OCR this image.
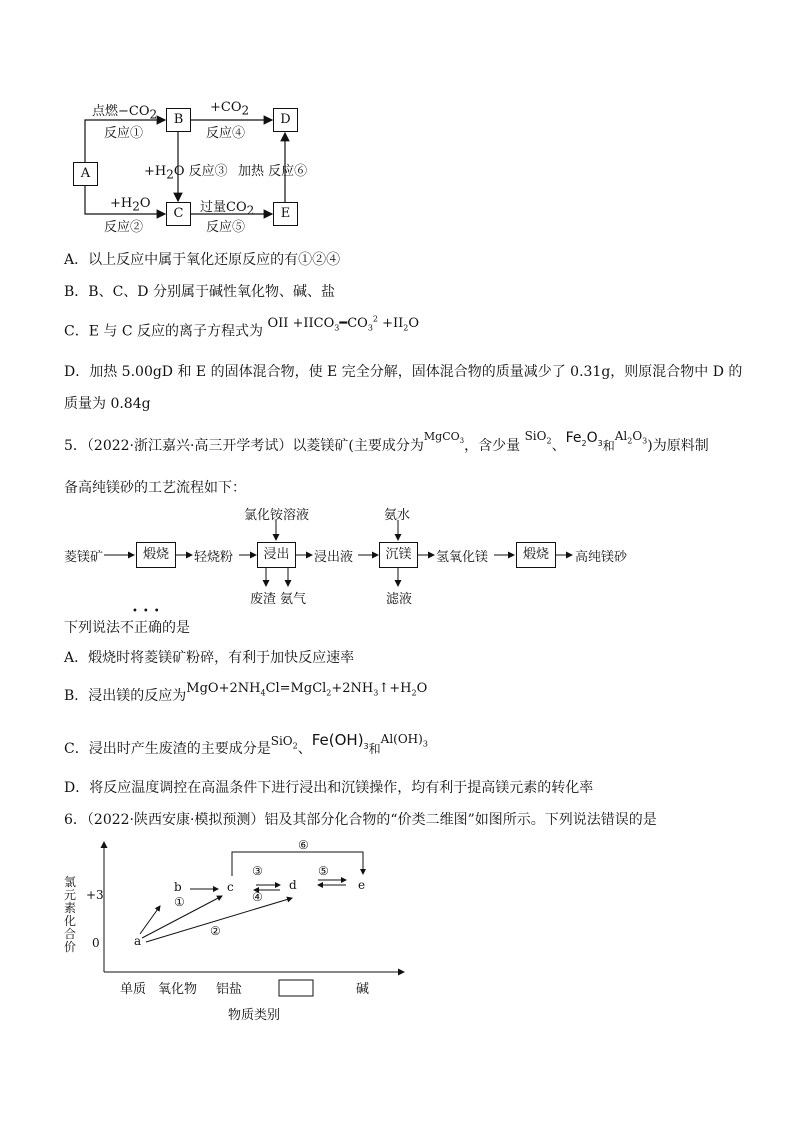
A
B	D
C	E
点燃$-CO_2$
反应①
$+CO_2$
反应④
$+H_2O$ 反应③ 加热 反应⑥
$+H_2O$
反应②
过量$CO_2$
反应⑤
A．以上反应中属于氧化还原反应的有①②④
B．B、C、D 分别属于碱性氧化物、碱、盐
C．E 与 C 反应的离子方程式为 OII $+IICO_3━CO_3^2 +II_2O$
D．加热 5.00gD 和 E 的固体混合物，使 E 完全分解，固体混合物的质量减少了 0.31g，则原混合物中 D 的
质量为 0.84g
5．（2022·浙江嘉兴·高三开学考试）以菱镁矿(主要成分为$^{MgCO_3}$，含少量 SiO$_2$、$Fe_2O_3$和$Al_2O_3$)为原料制
备高纯镁砂的工艺流程如下：
氯化铵溶液	氨水
菱镁矿	煅烧	轻烧粉	浸出	浸出液	沉镁	氢氧化镁	煅烧	高纯镁砂
废渣 氨气	滤液
•••
下列说法不正确的是
A．煅烧时将菱镁矿粉碎，有利于加快反应速率
B．浸出镁的反应为$MgO+2NH_4Cl=MgCl_2+2NH_3↑+H_2O$
C．浸出时产生废渣的主要成分是SiO$_2$、$Fe(OH)_3$和$Al(OH)_3$
D．将反应温度调控在高温条件下进行浸出和沉镁操作，均有利于提高镁元素的转化率
6．（2022·陕西安康·模拟预测）铝及其部分化合物的“价类二维图”如图所示。下列说法错误的是
氯元素化合价
+3
0	a
b	c	d	e
①
②
③
④
⑤
⑥
单质 氧化物 铝盐	碱
物质类别
